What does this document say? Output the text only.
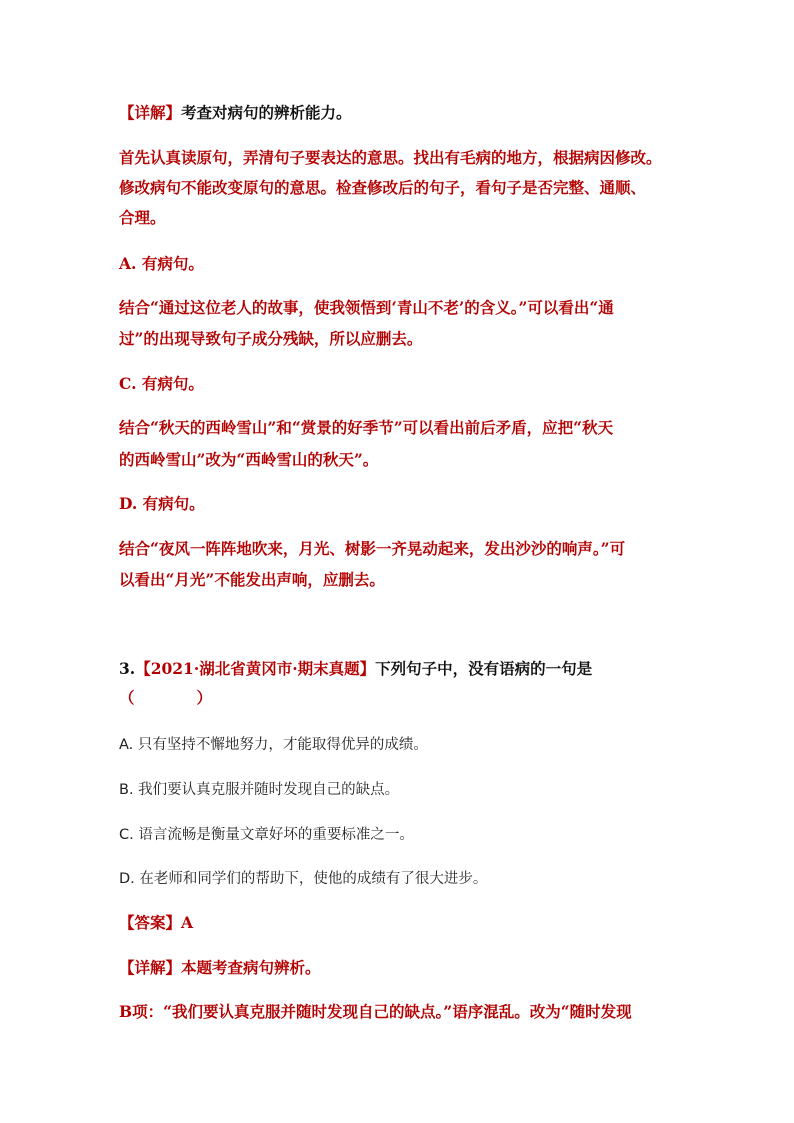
【详解】考查对病句的辨析能力。
首先认真读原句，弄清句子要表达的意思。找出有毛病的地方，根据病因修改。
修改病句不能改变原句的意思。检查修改后的句子，看句子是否完整、通顺、
合理。
A. 有病句。
结合“通过这位老人的故事，使我领悟到‘青山不老’的含义。”可以看出“通
过”的出现导致句子成分残缺，所以应删去。
C. 有病句。
结合“秋天的西岭雪山”和“赏景的好季节”可以看出前后矛盾，应把“秋天
的西岭雪山”改为“西岭雪山的秋天”。
D. 有病句。
结合“夜风一阵阵地吹来，月光、树影一齐晃动起来，发出沙沙的响声。”可
以看出“月光”不能发出声响，应删去。
3.【2021·湖北省黄冈市·期末真题】下列句子中，没有语病的一句是
（　　　　）
A. 只有坚持不懈地努力，才能取得优异的成绩。
B. 我们要认真克服并随时发现自己的缺点。
C. 语言流畅是衡量文章好坏的重要标准之一。
D. 在老师和同学们的帮助下，使他的成绩有了很大进步。
【答案】A
【详解】本题考查病句辨析。
B项：“我们要认真克服并随时发现自己的缺点。”语序混乱。改为“随时发现
